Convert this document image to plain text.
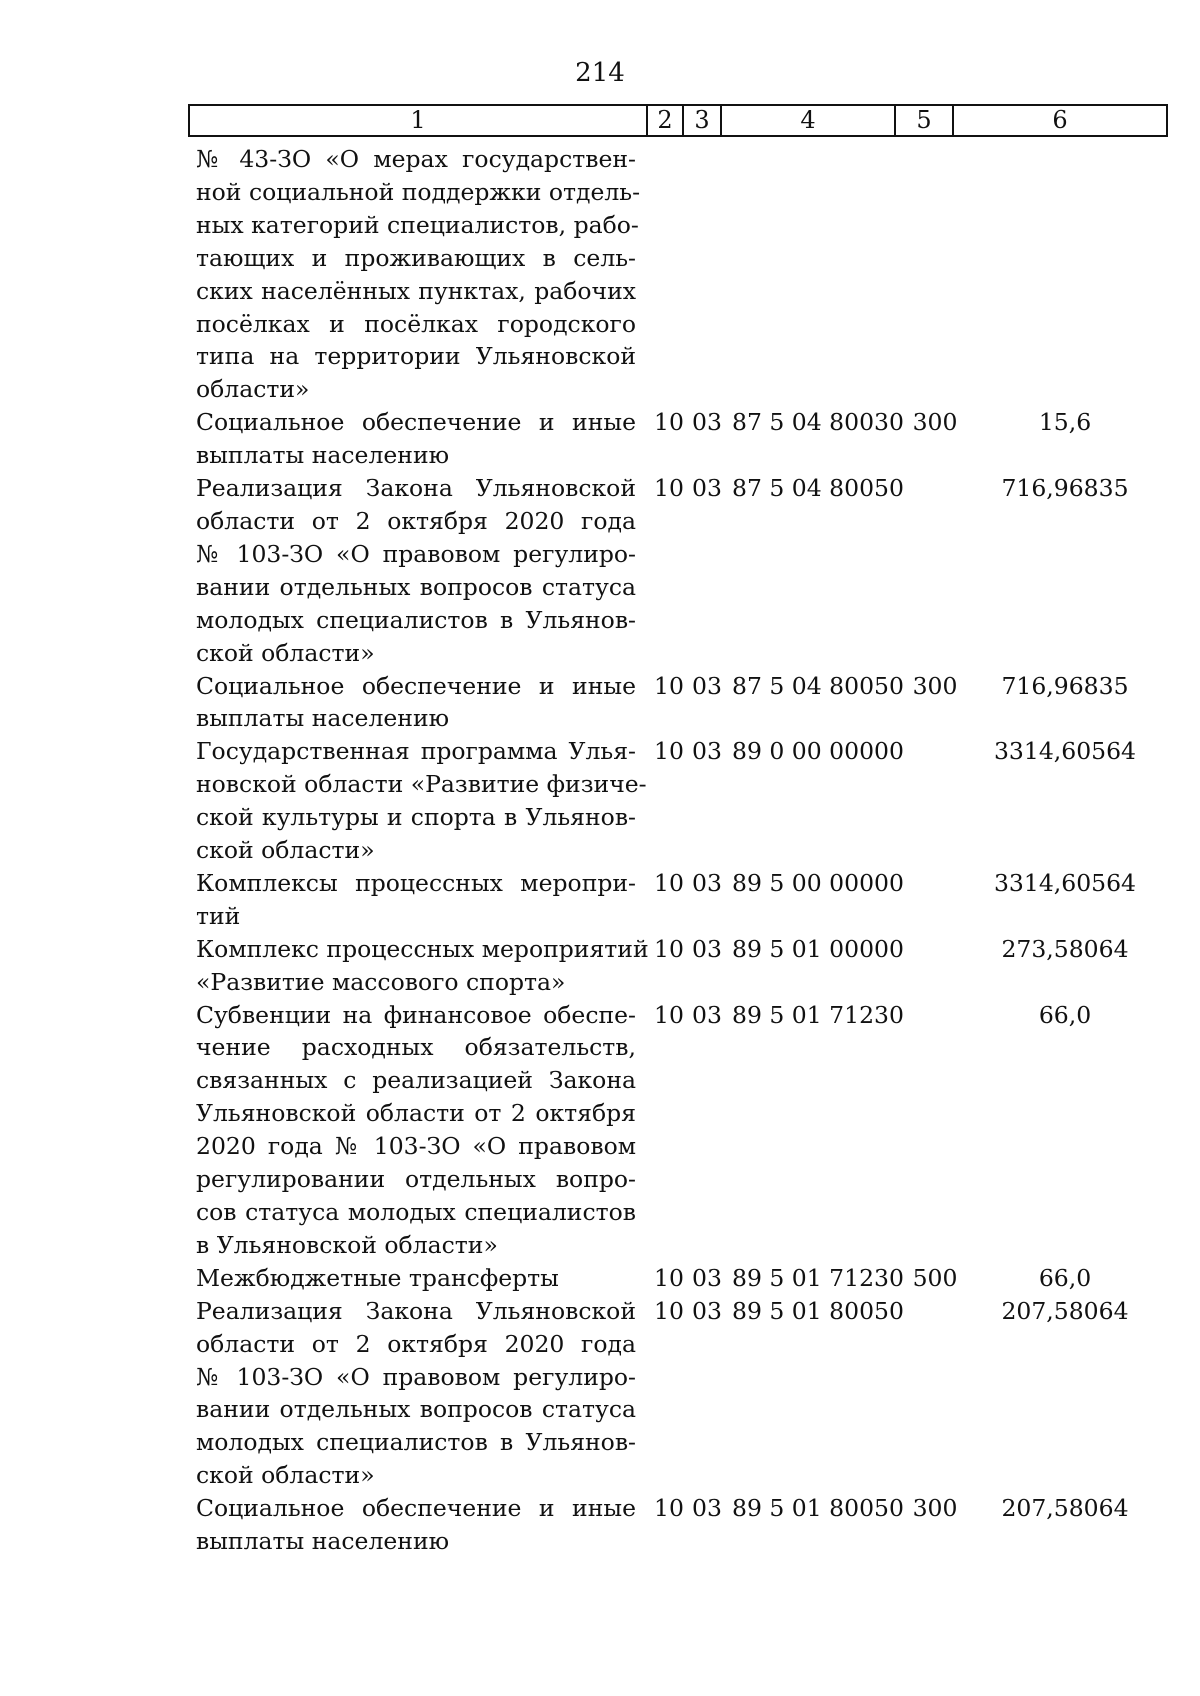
214
1	2 3	4	5	6
№ 43-ЗО «О мерах государствен-
ной социальной поддержки отдель-
ных категорий специалистов, рабо-
тающих и проживающих в сель-
ских населённых пунктах, рабочих
посёлках и посёлках городского
типа на территории Ульяновской
области»
Социальное обеспечение и иные
выплаты населению
10 03 87 5 04 80030 300	15,6
Реализация Закона Ульяновской
области от 2 октября 2020 года
№ 103-ЗО «О правовом регулиро-
вании отдельных вопросов статуса
молодых специалистов в Ульянов-
ской области»
10 03 87 5 04 80050	716,96835
Социальное обеспечение и иные
выплаты населению
10 03 87 5 04 80050 300	716,96835
Государственная программа Улья-
новской области «Развитие физиче-
ской культуры и спорта в Ульянов-
ской области»
10 03 89 0 00 00000	3314,60564
Комплексы процессных меропри-
тий
10 03 89 5 00 00000	3314,60564
Комплекс процессных мероприятий
«Развитие массового спорта»
10 03 89 5 01 00000	273,58064
Субвенции на финансовое обеспе-
чение расходных обязательств,
связанных с реализацией Закона
Ульяновской области от 2 октября
2020 года № 103-ЗО «О правовом
регулировании отдельных вопро-
сов статуса молодых специалистов
в Ульяновской области»
10 03 89 5 01 71230	66,0
Межбюджетные трансферты	10 03 89 5 01 71230 500	66,0
Реализация Закона Ульяновской
области от 2 октября 2020 года
№ 103-ЗО «О правовом регулиро-
вании отдельных вопросов статуса
молодых специалистов в Ульянов-
ской области»
10 03 89 5 01 80050	207,58064
Социальное обеспечение и иные
выплаты населению
10 03 89 5 01 80050 300	207,58064
